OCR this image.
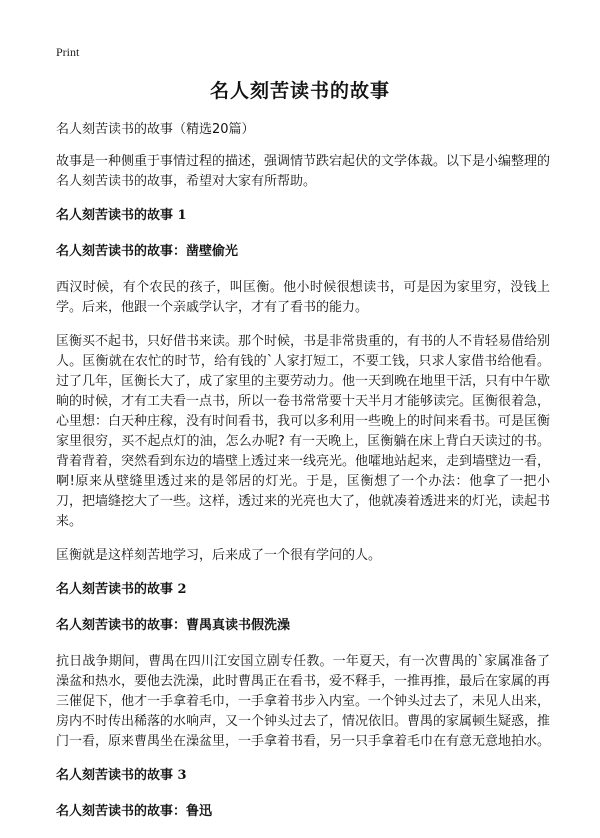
Print
名人刻苦读书的故事
名人刻苦读书的故事（精选20篇）

故事是一种侧重于事情过程的描述，强调情节跌宕起伏的文学体裁。以下是小编整理的名人刻苦读书的故事，希望对大家有所帮助。

名人刻苦读书的故事 1
名人刻苦读书的故事：凿壁偷光

西汉时候，有个农民的孩子，叫匡衡。他小时候很想读书，可是因为家里穷，没钱上学。后来，他跟一个亲戚学认字，才有了看书的能力。

匡衡买不起书，只好借书来读。那个时候，书是非常贵重的，有书的人不肯轻易借给别人。匡衡就在农忙的时节，给有钱的`人家打短工，不要工钱，只求人家借书给他看。 过了几年，匡衡长大了，成了家里的主要劳动力。他一天到晚在地里干活，只有中午歇晌的时候，才有工夫看一点书，所以一卷书常常要十天半月才能够读完。匡衡很着急，心里想：白天种庄稼，没有时间看书，我可以多利用一些晚上的时间来看书。可是匡衡家里很穷，买不起点灯的油，怎么办呢? 有一天晚上，匡衡躺在床上背白天读过的书。背着背着，突然看到东边的墙壁上透过来一线亮光。他嚯地站起来，走到墙壁边一看，啊!原来从壁缝里透过来的是邻居的灯光。于是，匡衡想了一个办法：他拿了一把小刀，把墙缝挖大了一些。这样，透过来的光亮也大了，他就凑着透进来的灯光，读起书来。

匡衡就是这样刻苦地学习，后来成了一个很有学问的人。

名人刻苦读书的故事 2
名人刻苦读书的故事：曹禺真读书假洗澡

抗日战争期间，曹禺在四川江安国立剧专任教。一年夏天，有一次曹禺的`家属准备了澡盆和热水，要他去洗澡，此时曹禺正在看书，爱不释手，一推再推，最后在家属的再三催促下，他才一手拿着毛巾，一手拿着书步入内室。一个钟头过去了，未见人出来，房内不时传出稀落的水响声，又一个钟头过去了，情况依旧。曹禺的家属顿生疑惑，推门一看，原来曹禺坐在澡盆里，一手拿着书看，另一只手拿着毛巾在有意无意地拍水。

名人刻苦读书的故事 3
名人刻苦读书的故事：鲁迅
